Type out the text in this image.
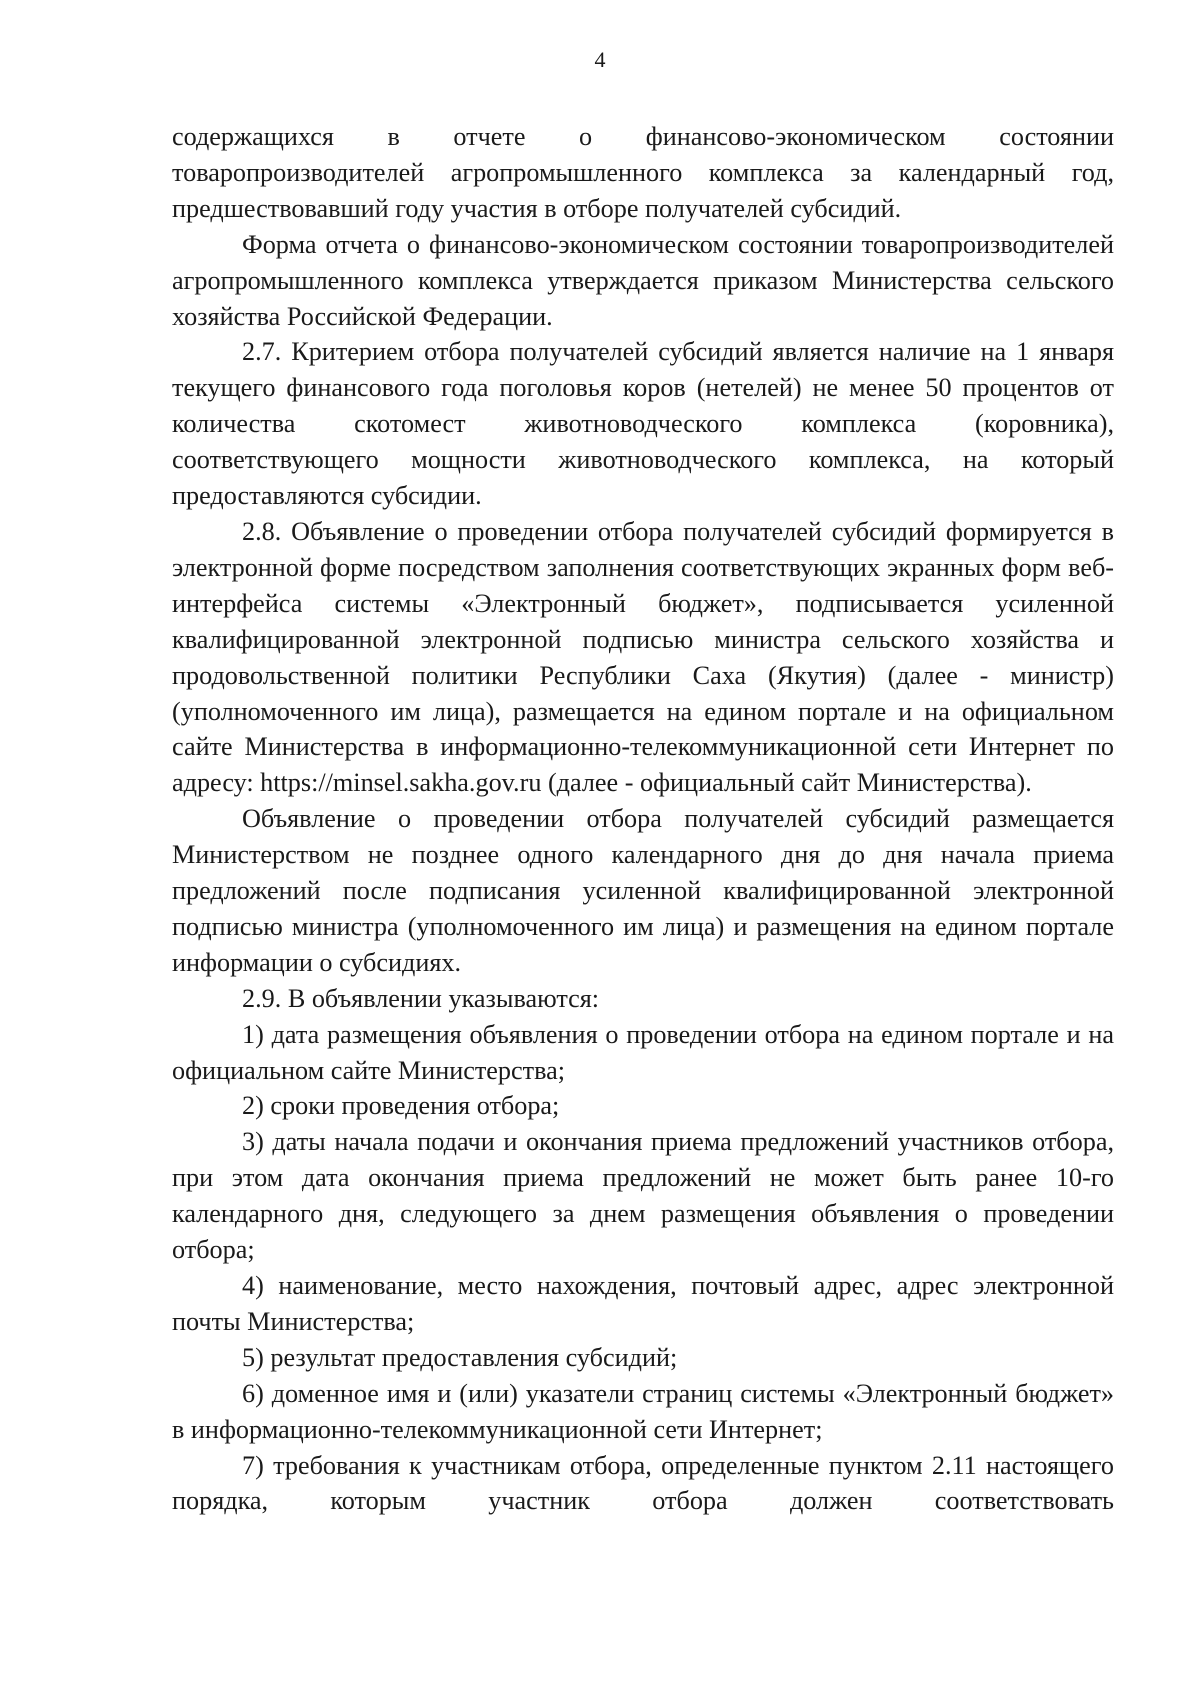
4

содержащихся в отчете о финансово-экономическом состоянии товаропроизводителей агропромышленного комплекса за календарный год, предшествовавший году участия в отборе получателей субсидий.

Форма отчета о финансово-экономическом состоянии товаропроизводителей агропромышленного комплекса утверждается приказом Министерства сельского хозяйства Российской Федерации.

2.7. Критерием отбора получателей субсидий является наличие на 1 января текущего финансового года поголовья коров (нетелей) не менее 50 процентов от количества скотомест животноводческого комплекса (коровника), соответствующего мощности животноводческого комплекса, на который предоставляются субсидии.

2.8. Объявление о проведении отбора получателей субсидий формируется в электронной форме посредством заполнения соответствующих экранных форм веб-интерфейса системы «Электронный бюджет», подписывается усиленной квалифицированной электронной подписью министра сельского хозяйства и продовольственной политики Республики Саха (Якутия) (далее - министр) (уполномоченного им лица), размещается на едином портале и на официальном сайте Министерства в информационно-телекоммуникационной сети Интернет по адресу: https://minsel.sakha.gov.ru (далее - официальный сайт Министерства).

Объявление о проведении отбора получателей субсидий размещается Министерством не позднее одного календарного дня до дня начала приема предложений после подписания усиленной квалифицированной электронной подписью министра (уполномоченного им лица) и размещения на едином портале информации о субсидиях.

2.9. В объявлении указываются:

1) дата размещения объявления о проведении отбора на едином портале и на официальном сайте Министерства;

2) сроки проведения отбора;

3) даты начала подачи и окончания приема предложений участников отбора, при этом дата окончания приема предложений не может быть ранее 10-го календарного дня, следующего за днем размещения объявления о проведении отбора;

4) наименование, место нахождения, почтовый адрес, адрес электронной почты Министерства;

5) результат предоставления субсидий;

6) доменное имя и (или) указатели страниц системы «Электронный бюджет» в информационно-телекоммуникационной сети Интернет;

7) требования к участникам отбора, определенные пунктом 2.11 настоящего порядка, которым участник отбора должен соответствовать
